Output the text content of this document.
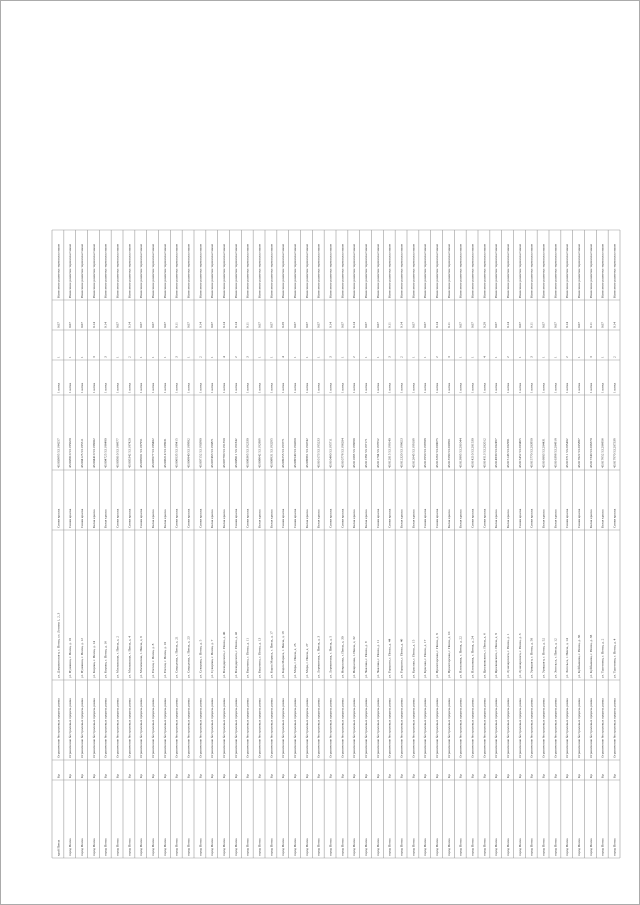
край Пенза
Кр
Ограничение бестролевых прорезь рамка
ул. Дзержинского, г. Пенза, ул. Ленина 1, 2, 3
Синяя краска
43.003695 53.184257
1 ватка
1
0.07
Нанесение разметки термопластиком
город Пенза
Кр
Ограничение бестролевых прорезь рамка
ул. Пушкина, г. Пенза, д. 10
Синяя краска
43.003810 53.185020
1 ватка
1
0.07
Нанесение разметки термопластиком
город Пенза
Кр
Ограничение бестролевых прорезь рамка
ул. Пушкина, г. Пенза, д. 12
Синяя краска
43.004125 53.185511
1 ватка
1
0.07
Нанесение разметки термопластиком
город Пенза
Кр
Ограничение бестролевых прорезь рамка
ул. Кирова, г. Пенза, д. 14
Белая краска
43.004410 53.186002
1 ватка
3
0.14
Нанесение разметки термопластиком
город Пенза
Кр
Ограничение бестролевых прорезь рамка
ул. Кирова, г. Пенза, д. 16
Белая краска
43.004725 53.186480
1 ватка
3
0.14
Нанесение разметки термопластиком
город Пенза
Кр
Ограничение бестролевых прорезь рамка
ул. Московская, г. Пенза, д. 2
Синяя краска
43.005010 53.186977
1 ватка
1
0.07
Нанесение разметки термопластиком
город Пенза
Кр
Ограничение бестролевых прорезь рамка
ул. Московская, г. Пенза, д. 4
Синяя краска
43.005342 53.187420
1 ватка
2
0.14
Нанесение разметки термопластиком
город Пенза
Кр
Ограничение бестролевых прорезь рамка
ул. Московская, г. Пенза, д. 6
Синяя краска
43.005601 53.187951
1 ватка
1
0.07
Нанесение разметки термопластиком
город Пенза
Кр
Ограничение бестролевых прорезь рамка
ул. Гоголя, г. Пенза, д. 8
Белая краска
43.005977 53.188402
1 ватка
1
0.07
Нанесение разметки термопластиком
город Пенза
Кр
Ограничение бестролевых прорезь рамка
ул. Гоголя, г. Пенза, д. 10
Белая краска
43.006214 53.188931
1 ватка
1
0.07
Нанесение разметки термопластиком
город Пенза
Кр
Ограничение бестролевых прорезь рамка
ул. Свердлова, г. Пенза, д. 21
Синяя краска
43.006535 53.189415
1 ватка
3
0.11
Нанесение разметки термопластиком
город Пенза
Кр
Ограничение бестролевых прорезь рамка
ул. Свердлова, г. Пенза, д. 23
Синяя краска
43.006840 53.189902
1 ватка
1
0.07
Нанесение разметки термопластиком
город Пенза
Кр
Ограничение бестролевых прорезь рамка
ул. Суворова, г. Пенза, д. 5
Синяя краска
43.007152 53.190380
1 ватка
2
0.14
Нанесение разметки термопластиком
город Пенза
Кр
Ограничение бестролевых прорезь рамка
ул. Суворова, г. Пенза, д. 7
Белая краска
43.007463 53.190871
1 ватка
1
0.07
Нанесение разметки термопластиком
город Пенза
Кр
Ограничение бестролевых прорезь рамка
ул. Володарского, г. Пенза, д. 40
Белая краска
43.007790 53.191350
1 ватка
4
0.14
Нанесение разметки термопластиком
город Пенза
Кр
Ограничение бестролевых прорезь рамка
ул. Володарского, г. Пенза, д. 42
Синяя краска
43.008011 53.191842
1 ватка
2
0.14
Нанесение разметки термопластиком
город Пенза
Кр
Ограничение бестролевых прорезь рамка
ул. Бакунина, г. Пенза, д. 11
Синяя краска
43.008365 53.192330
1 ватка
3
0.11
Нанесение разметки термопластиком
город Пенза
Кр
Ограничение бестролевых прорезь рамка
ул. Бакунина, г. Пенза, д. 13
Белая краска
43.008642 53.192809
1 ватка
1
0.07
Нанесение разметки термопластиком
город Пенза
Кр
Ограничение бестролевых прорезь рамка
ул. Карла Маркса, г. Пенза, д. 17
Белая краска
43.008931 53.193295
1 ватка
1
0.07
Нанесение разметки термопластиком
город Пенза
Кр
Ограничение бестролевых прорезь рамка
ул. Карла Маркса, г. Пенза, д. 19
Синяя краска
43.009255 53.193771
1 ватка
4
0.28
Нанесение разметки термопластиком
город Пенза
Кр
Ограничение бестролевых прорезь рамка
ул. Мира, г. Пенза, д. 25
Синяя краска
43.009540 53.194260
1 ватка
1
0.07
Нанесение разметки термопластиком
город Пенза
Кр
Ограничение бестролевых прорезь рамка
ул. Мира, г. Пенза, д. 27
Белая краска
43.009861 53.194742
1 ватка
1
0.07
Нанесение разметки термопластиком
город Пенза
Кр
Ограничение бестролевых прорезь рамка
ул. Лермонтова, г. Пенза, д. 3
Белая краска
43.010173 53.195233
1 ватка
1
0.07
Нанесение разметки термопластиком
город Пенза
Кр
Ограничение бестролевых прорезь рамка
ул. Лермонтова, г. Пенза, д. 5
Синяя краска
43.010460 53.195711
1 ватка
3
0.14
Нанесение разметки термопластиком
город Пенза
Кр
Ограничение бестролевых прорезь рамка
ул. Некрасова, г. Пенза, д. 30
Синяя краска
43.010778 53.196204
1 ватка
1
0.07
Нанесение разметки термопластиком
город Пенза
Кр
Ограничение бестролевых прорезь рамка
ул. Некрасова, г. Пенза, д. 32
Белая краска
43.011093 53.196680
1 ватка
2
0.14
Нанесение разметки термопластиком
город Пенза
Кр
Ограничение бестролевых прорезь рамка
ул. Чкалова, г. Пенза, д. 9
Белая краска
43.011382 53.197171
1 ватка
1
0.07
Нанесение разметки термопластиком
город Пенза
Кр
Ограничение бестролевых прорезь рамка
ул. Чкалова, г. Пенза, д. 11
Синяя краска
43.011704 53.197652
1 ватка
1
0.07
Нанесение разметки термопластиком
город Пенза
Кр
Ограничение бестролевых прорезь рамка
ул. Горького, г. Пенза, д. 44
Синяя краска
43.012015 53.198140
1 ватка
3
0.11
Нанесение разметки термопластиком
город Пенза
Кр
Ограничение бестролевых прорезь рамка
ул. Горького, г. Пенза, д. 46
Белая краска
43.012320 53.198623
1 ватка
2
0.14
Нанесение разметки термопластиком
город Пенза
Кр
Ограничение бестролевых прорезь рамка
ул. Красная, г. Пенза, д. 15
Белая краска
43.012645 53.199109
1 ватка
1
0.07
Нанесение разметки термопластиком
город Пенза
Кр
Ограничение бестролевых прорезь рамка
ул. Красная, г. Пенза, д. 17
Синяя краска
43.012950 53.199588
1 ватка
1
0.07
Нанесение разметки термопластиком
город Пенза
Кр
Ограничение бестролевых прорезь рамка
ул. Пролетарская, г. Пенза, д. 8
Синяя краска
43.013262 53.200075
1 ватка
2
0.14
Нанесение разметки термопластиком
город Пенза
Кр
Ограничение бестролевых прорезь рамка
ул. Пролетарская, г. Пенза, д. 10
Белая краска
43.013580 53.200561
1 ватка
3
0.11
Нанесение разметки термопластиком
город Пенза
Кр
Ограничение бестролевых прорезь рамка
ул. Плеханова, г. Пенза, д. 22
Белая краска
43.013885 53.201044
1 ватка
1
0.07
Нанесение разметки термопластиком
город Пенза
Кр
Ограничение бестролевых прорезь рамка
ул. Плеханова, г. Пенза, д. 24
Синяя краска
43.014210 53.201530
1 ватка
1
0.07
Нанесение разметки термопластиком
город Пенза
Кр
Ограничение бестролевых прорезь рамка
ул. Циолковского, г. Пенза, д. 6
Синяя краска
43.014513 53.202012
1 ватка
4
0.28
Нанесение разметки термопластиком
город Пенза
Кр
Ограничение бестролевых прорезь рамка
ул. Циолковского, г. Пенза, д. 8
Белая краска
43.014830 53.202497
1 ватка
1
0.07
Нанесение разметки термопластиком
город Пенза
Кр
Ограничение бестролевых прорезь рамка
ул. Луначарского, г. Пенза, д. 1
Белая краска
43.015146 53.202981
1 ватка
2
0.14
Нанесение разметки термопластиком
город Пенза
Кр
Ограничение бестролевых прорезь рамка
ул. Луначарского, г. Пенза, д. 3
Синяя краска
43.015452 53.203465
1 ватка
1
0.07
Нанесение разметки термопластиком
город Пенза
Кр
Ограничение бестролевых прорезь рамка
ул. Урицкого, г. Пенза, д. 50
Синяя краска
43.015770 53.203950
1 ватка
3
0.11
Нанесение разметки термопластиком
город Пенза
Кр
Ограничение бестролевых прорезь рамка
ул. Урицкого, г. Пенза, д. 52
Белая краска
43.016083 53.204431
1 ватка
1
0.07
Нанесение разметки термопластиком
город Пенза
Кр
Ограничение бестролевых прорезь рамка
ул. Энгельса, г. Пенза, д. 12
Белая краска
43.016398 53.204918
1 ватка
1
0.07
Нанесение разметки термопластиком
город Пенза
Кр
Ограничение бестролевых прорезь рамка
ул. Энгельса, г. Пенза, д. 14
Синяя краска
43.016711 53.205402
1 ватка
2
0.14
Нанесение разметки термопластиком
город Пенза
Кр
Ограничение бестролевых прорезь рамка
ул. Куйбышева, г. Пенза, д. 36
Синяя краска
43.017022 53.205887
1 ватка
1
0.07
Нанесение разметки термопластиком
город Пенза
Кр
Ограничение бестролевых прорезь рамка
ул. Куйбышева, г. Пенза, д. 38
Белая краска
43.017340 53.206370
1 ватка
3
0.11
Нанесение разметки термопластиком
город Пенза
Кр
Ограничение бестролевых прорезь рамка
ул. Тургенева, г. Пенза, д. 2
Белая краска
43.017652 53.206856
1 ватка
1
0.07
Нанесение разметки термопластиком
город Пенза
Кр
Ограничение бестролевых прорезь рамка
ул. Тургенева, г. Пенза, д. 4
Синяя краска
43.017970 53.207339
1 ватка
2
0.14
Нанесение разметки термопластиком
